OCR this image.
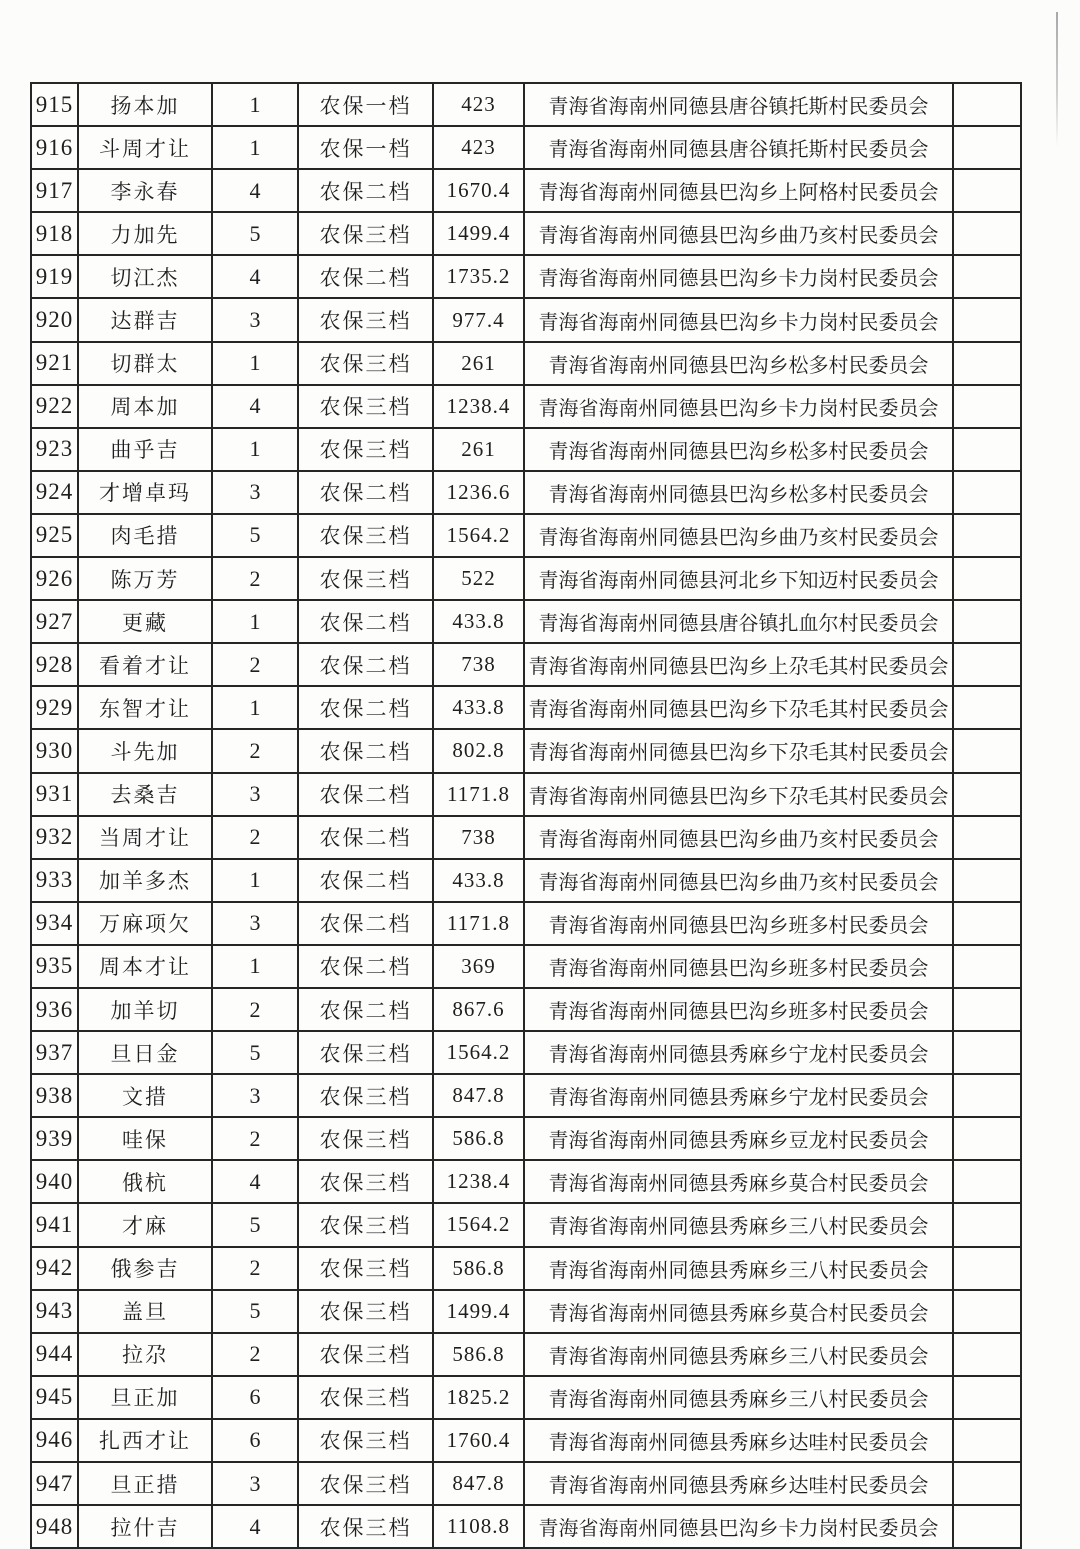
915	扬本加	1	农保一档	423	青海省海南州同德县唐谷镇托斯村民委员会	
916	斗周才让	1	农保一档	423	青海省海南州同德县唐谷镇托斯村民委员会	
917	李永春	4	农保二档	1670.4	青海省海南州同德县巴沟乡上阿格村民委员会	
918	力加先	5	农保三档	1499.4	青海省海南州同德县巴沟乡曲乃亥村民委员会	
919	切江杰	4	农保二档	1735.2	青海省海南州同德县巴沟乡卡力岗村民委员会	
920	达群吉	3	农保三档	977.4	青海省海南州同德县巴沟乡卡力岗村民委员会	
921	切群太	1	农保三档	261	青海省海南州同德县巴沟乡松多村民委员会	
922	周本加	4	农保三档	1238.4	青海省海南州同德县巴沟乡卡力岗村民委员会	
923	曲乎吉	1	农保三档	261	青海省海南州同德县巴沟乡松多村民委员会	
924	才增卓玛	3	农保二档	1236.6	青海省海南州同德县巴沟乡松多村民委员会	
925	肉毛措	5	农保三档	1564.2	青海省海南州同德县巴沟乡曲乃亥村民委员会	
926	陈万芳	2	农保三档	522	青海省海南州同德县河北乡下知迈村民委员会	
927	更藏	1	农保二档	433.8	青海省海南州同德县唐谷镇扎血尔村民委员会	
928	看着才让	2	农保二档	738	青海省海南州同德县巴沟乡上尕毛其村民委员会	
929	东智才让	1	农保二档	433.8	青海省海南州同德县巴沟乡下尕毛其村民委员会	
930	斗先加	2	农保二档	802.8	青海省海南州同德县巴沟乡下尕毛其村民委员会	
931	去桑吉	3	农保二档	1171.8	青海省海南州同德县巴沟乡下尕毛其村民委员会	
932	当周才让	2	农保二档	738	青海省海南州同德县巴沟乡曲乃亥村民委员会	
933	加羊多杰	1	农保二档	433.8	青海省海南州同德县巴沟乡曲乃亥村民委员会	
934	万麻项欠	3	农保二档	1171.8	青海省海南州同德县巴沟乡班多村民委员会	
935	周本才让	1	农保二档	369	青海省海南州同德县巴沟乡班多村民委员会	
936	加羊切	2	农保二档	867.6	青海省海南州同德县巴沟乡班多村民委员会	
937	旦日金	5	农保三档	1564.2	青海省海南州同德县秀麻乡宁龙村民委员会	
938	文措	3	农保三档	847.8	青海省海南州同德县秀麻乡宁龙村民委员会	
939	哇保	2	农保三档	586.8	青海省海南州同德县秀麻乡豆龙村民委员会	
940	俄杭	4	农保三档	1238.4	青海省海南州同德县秀麻乡莫合村民委员会	
941	才麻	5	农保三档	1564.2	青海省海南州同德县秀麻乡三八村民委员会	
942	俄参吉	2	农保三档	586.8	青海省海南州同德县秀麻乡三八村民委员会	
943	盖旦	5	农保三档	1499.4	青海省海南州同德县秀麻乡莫合村民委员会	
944	拉尕	2	农保三档	586.8	青海省海南州同德县秀麻乡三八村民委员会	
945	旦正加	6	农保三档	1825.2	青海省海南州同德县秀麻乡三八村民委员会	
946	扎西才让	6	农保三档	1760.4	青海省海南州同德县秀麻乡达哇村民委员会	
947	旦正措	3	农保三档	847.8	青海省海南州同德县秀麻乡达哇村民委员会	
948	拉什吉	4	农保三档	1108.8	青海省海南州同德县巴沟乡卡力岗村民委员会	
